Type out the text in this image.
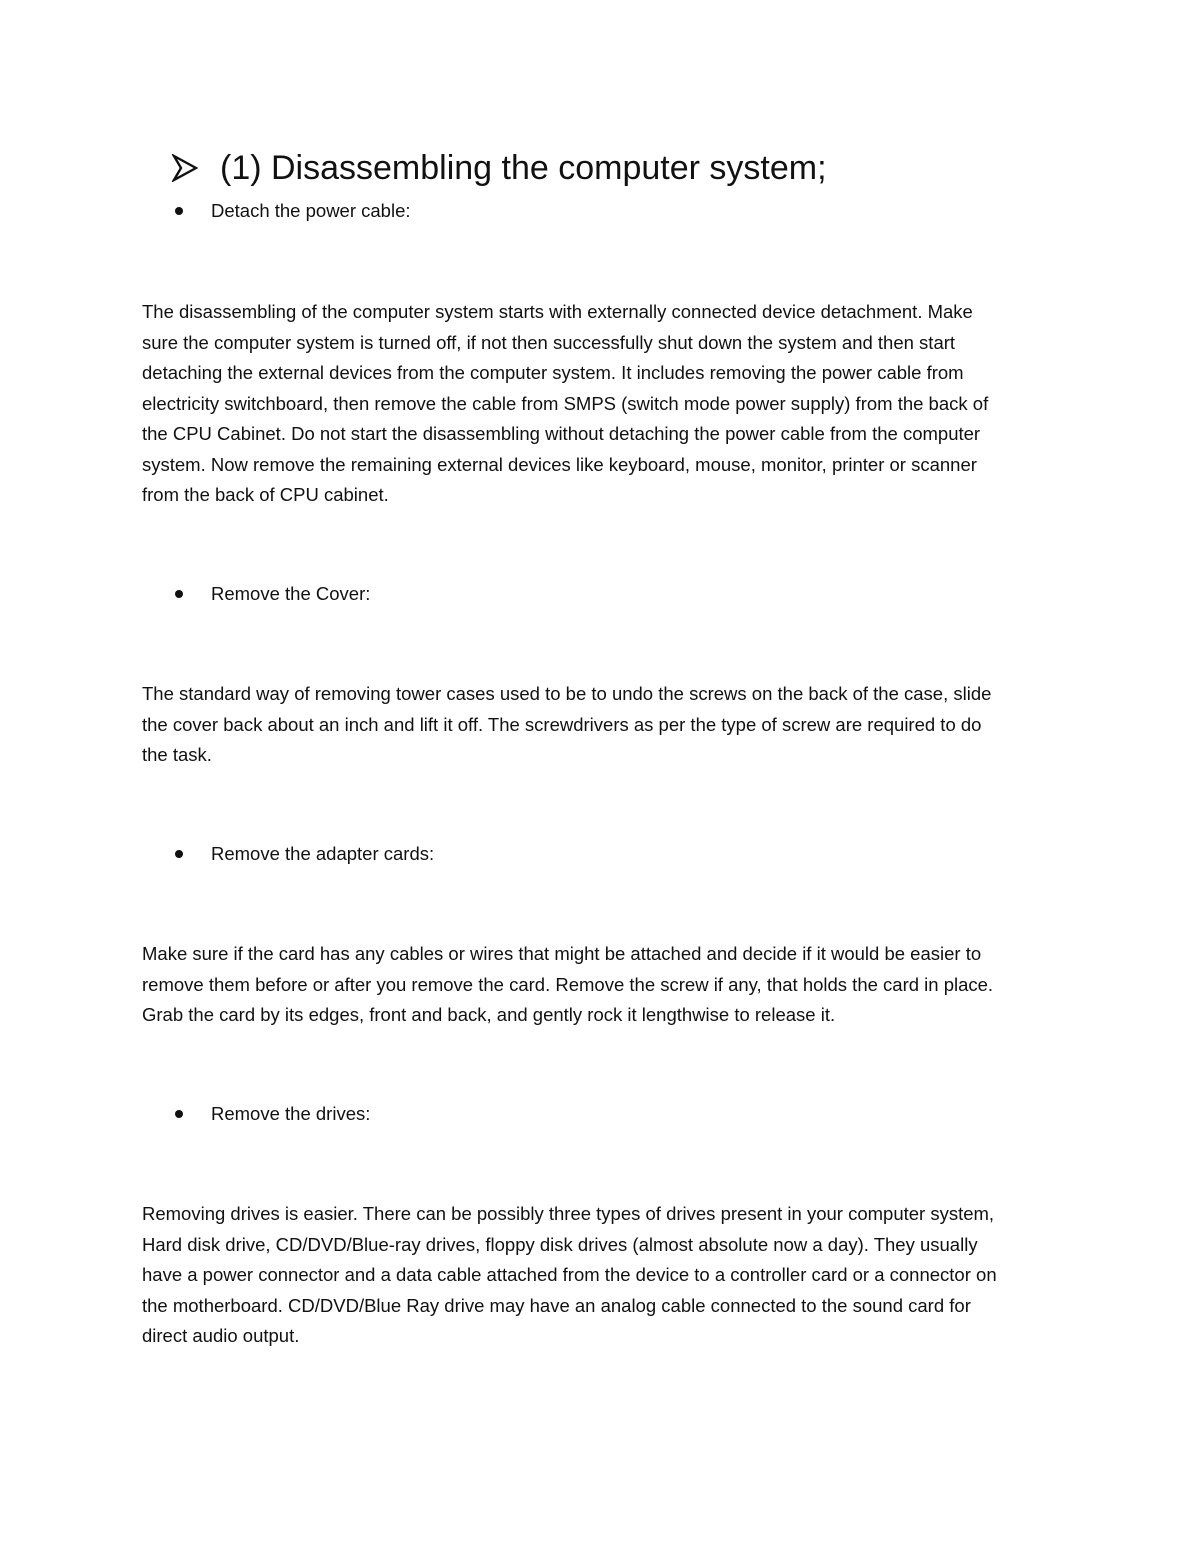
(1) Disassembling the computer system;
Detach the power cable:

The disassembling of the computer system starts with externally connected device detachment. Make
sure the computer system is turned off, if not then successfully shut down the system and then start
detaching the external devices from the computer system. It includes removing the power cable from
electricity switchboard, then remove the cable from SMPS (switch mode power supply) from the back of
the CPU Cabinet. Do not start the disassembling without detaching the power cable from the computer
system. Now remove the remaining external devices like keyboard, mouse, monitor, printer or scanner
from the back of CPU cabinet.

Remove the Cover:

The standard way of removing tower cases used to be to undo the screws on the back of the case, slide
the cover back about an inch and lift it off. The screwdrivers as per the type of screw are required to do
the task.

Remove the adapter cards:

Make sure if the card has any cables or wires that might be attached and decide if it would be easier to
remove them before or after you remove the card. Remove the screw if any, that holds the card in place.
Grab the card by its edges, front and back, and gently rock it lengthwise to release it.

Remove the drives:

Removing drives is easier. There can be possibly three types of drives present in your computer system,
Hard disk drive, CD/DVD/Blue-ray drives, floppy disk drives (almost absolute now a day). They usually
have a power connector and a data cable attached from the device to a controller card or a connector on
the motherboard. CD/DVD/Blue Ray drive may have an analog cable connected to the sound card for
direct audio output.
